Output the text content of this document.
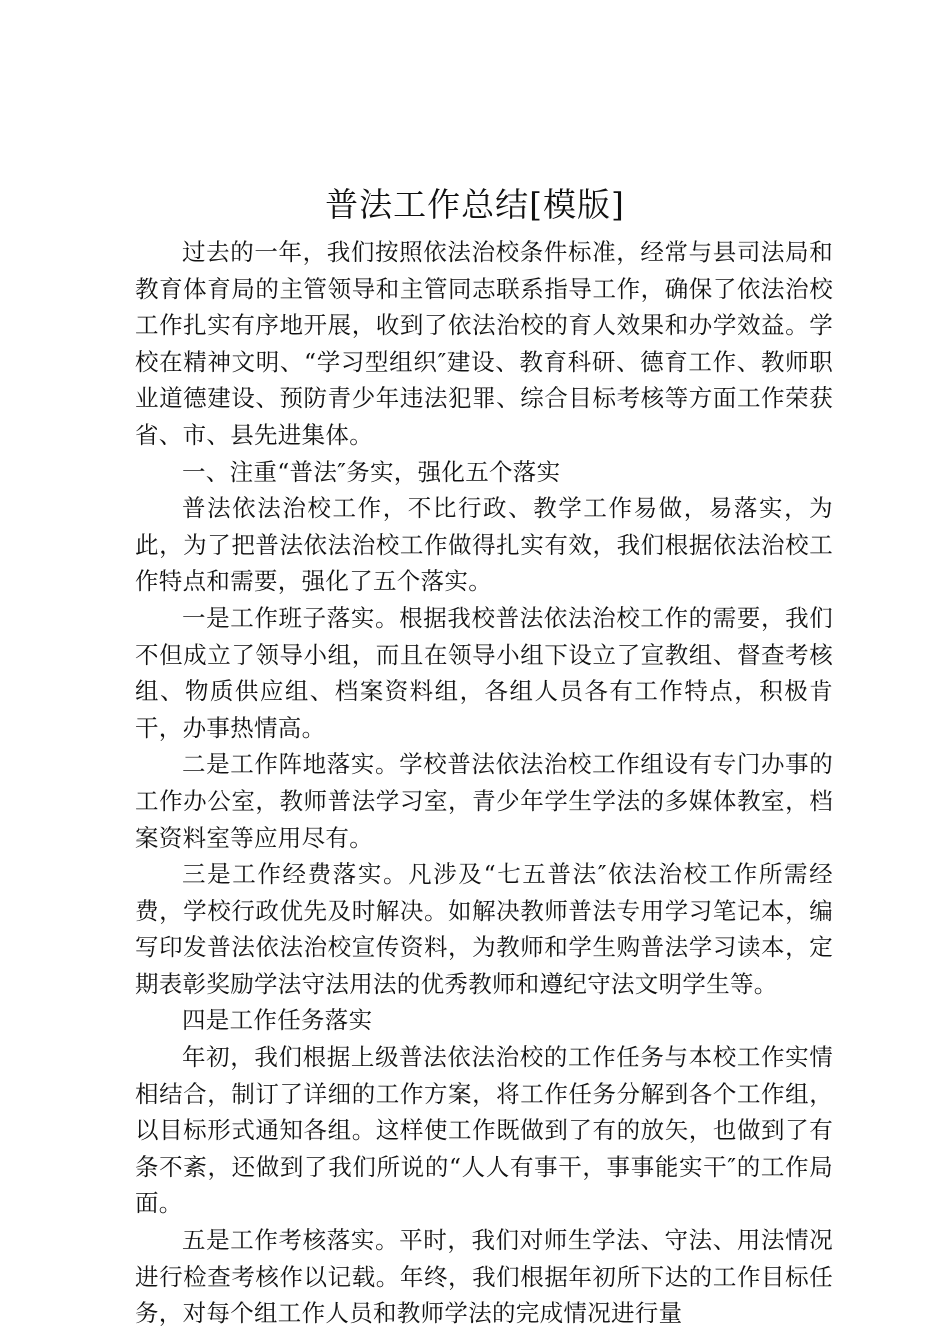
普法工作总结[模版]

过去的一年，我们按照依法治校条件标准，经常与县司法局和教育体育局的主管领导和主管同志联系指导工作，确保了依法治校工作扎实有序地开展，收到了依法治校的育人效果和办学效益。学校在精神文明、“学习型组织″建设、教育科研、德育工作、教师职业道德建设、预防青少年违法犯罪、综合目标考核等方面工作荣获省、市、县先进集体。

一、注重“普法″务实，强化五个落实

普法依法治校工作，不比行政、教学工作易做，易落实，为此，为了把普法依法治校工作做得扎实有效，我们根据依法治校工作特点和需要，强化了五个落实。

一是工作班子落实。根据我校普法依法治校工作的需要，我们不但成立了领导小组，而且在领导小组下设立了宣教组、督查考核组、物质供应组、档案资料组，各组人员各有工作特点，积极肯干，办事热情高。

二是工作阵地落实。学校普法依法治校工作组设有专门办事的工作办公室，教师普法学习室，青少年学生学法的多媒体教室，档案资料室等应用尽有。

三是工作经费落实。凡涉及“七五普法″依法治校工作所需经费，学校行政优先及时解决。如解决教师普法专用学习笔记本，编写印发普法依法治校宣传资料，为教师和学生购普法学习读本，定期表彰奖励学法守法用法的优秀教师和遵纪守法文明学生等。

四是工作任务落实

年初，我们根据上级普法依法治校的工作任务与本校工作实情相结合，制订了详细的工作方案，将工作任务分解到各个工作组，以目标形式通知各组。这样使工作既做到了有的放矢，也做到了有条不紊，还做到了我们所说的“人人有事干，事事能实干″的工作局面。

五是工作考核落实。平时，我们对师生学法、守法、用法情况进行检查考核作以记载。年终，我们根据年初所下达的工作目标任务，对每个组工作人员和教师学法的完成情况进行量
